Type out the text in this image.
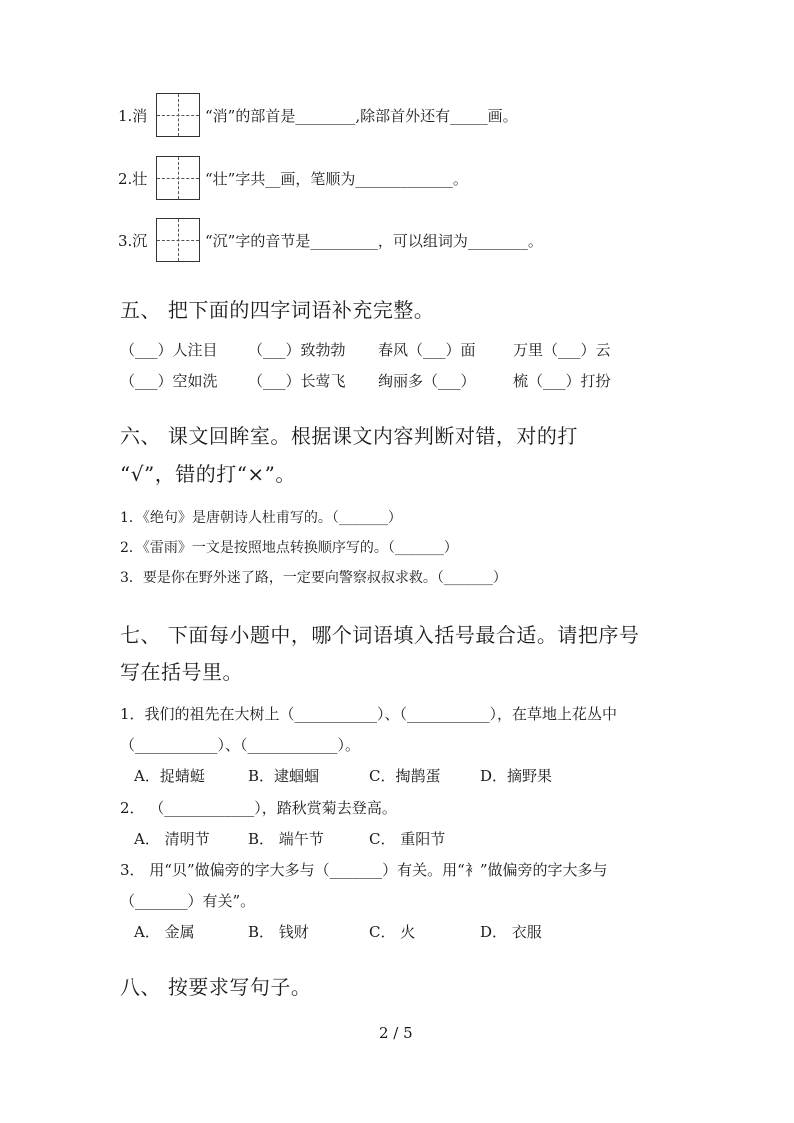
1.消	“消”的部首是________,除部首外还有_____画。
2.壮	“壮”字共__画，笔顺为_____________。
3.沉	“沉”字的音节是_________，可以组词为________。
五、 把下面的四字词语补充完整。
（___）人注目 （___）致勃勃 春风（___）面 万里（___）云
（___）空如洗 （___）长莺飞 绚丽多（___） 梳（___）打扮
六、 课文回眸室。根据课文内容判断对错，对的打
“√”，错的打“×”。
1．《绝句》是唐朝诗人杜甫写的。（_______）
2．《雷雨》一文是按照地点转换顺序写的。（_______）
3．要是你在野外迷了路，一定要向警察叔叔求救。（_______）
七、 下面每小题中，哪个词语填入括号最合适。请把序号
写在括号里。
1．我们的祖先在大树上（___________）、（___________），在草地上花丛中
（___________）、（____________）。
A．捉蜻蜓	B．逮蝈蝈	C．掏鹊蛋	D．摘野果
2． （____________），踏秋赏菊去登高。
A． 清明节	B． 端午节	C． 重阳节
3． 用“贝”做偏旁的字大多与（_______）有关。用“衤”做偏旁的字大多与
（_______）有关”。
A． 金属	B． 钱财	C． 火	D． 衣服
八、 按要求写句子。
2 / 5
